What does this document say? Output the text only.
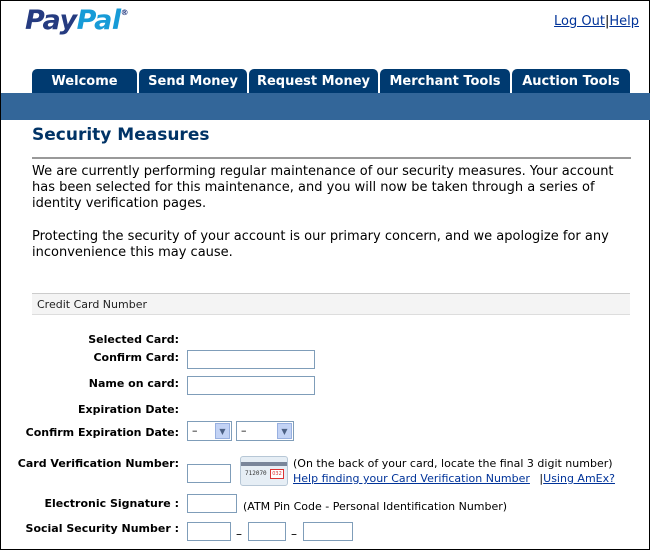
PayPal®
Log Out|Help
Welcome	Send Money	Request Money	Merchant Tools	Auction Tools
Security Measures

We are currently performing regular maintenance of our security measures. Your account has been selected for this maintenance, and you will now be taken through a series of identity verification pages.

Protecting the security of your account is our primary concern, and we apologize for any inconvenience this may cause.

Credit Card Number
Selected Card:
Confirm Card:
Name on card:
Expiration Date:
Confirm Expiration Date: –	▼	–	▼
Card Verification Number:
712070	032
(On the back of your card, locate the final 3 digit number)
Help finding your Card Verification Number |Using AmEx?
Electronic Signature :	(ATM Pin Code - Personal Identification Number)
Social Security Number :	–	–
